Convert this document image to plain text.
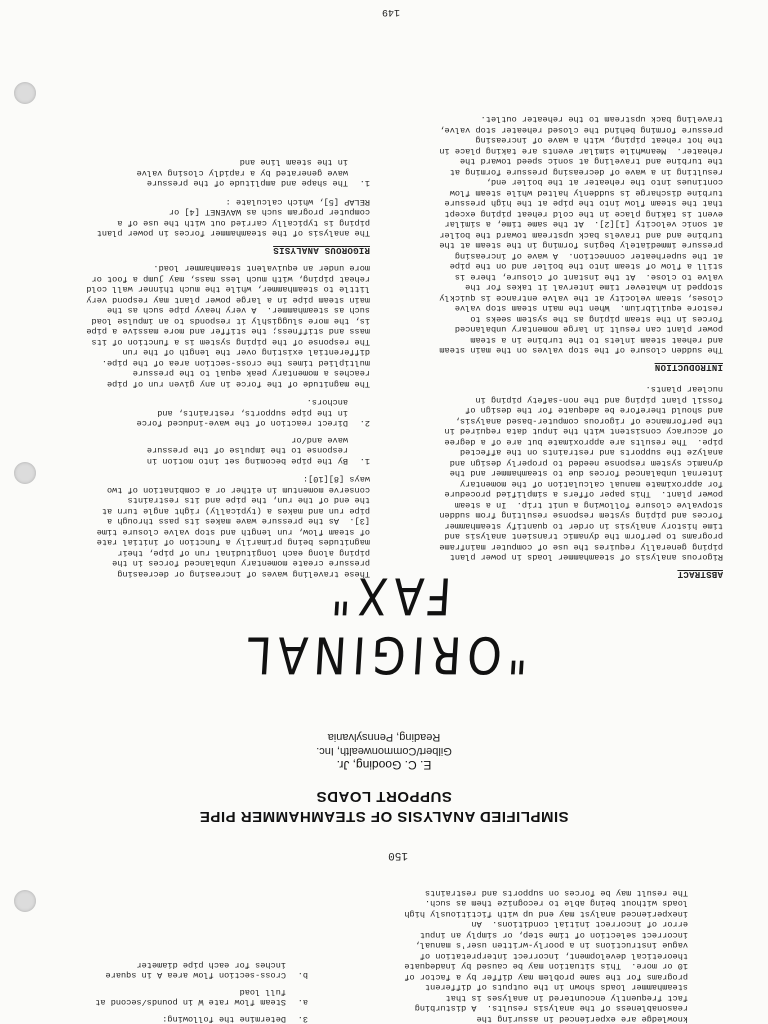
knowledge are experienced in assuring the
reasonableness of the analysis results.  A disturbing
fact frequently encountered in analyses is that
steamhammer loads shown in the outputs of different
programs for the same problem may differ by a factor of
10 or more.  This situation may be caused by inadequate
theoretical development, incorrect interpretation of
vague instructions in a poorly-written user's manual,
incorrect selection of time step, or simply an input
error of incorrect initial conditions.  An
inexperienced analyst may end up with fictitiously high
loads without being able to recognize them as such.
The result may be forces on supports and restraints
3.Determine the following:
a.Steam flow rate W in pounds/second at
full load
b.Cross-section flow area A in square
inches for each pipe diameter
150
SIMPLIFIED ANALYSIS OF STEAMHAMMER PIPE
SUPPORT LOADS
E. C. Gooding, Jr.
Gilbert/Commonwealth, Inc.
Reading, Pennsylvania
"ORIGINAL FAX"	ABSTRACT
Rigorous analysis of steamhammer loads in power plant
piping generally requires the use of computer mainframe
programs to perform the dynamic transient analysis and
time history analysis in order to quantify steamhammer
forces and piping system response resulting from sudden
stopvalve closure following a unit trip.  In a steam
power plant.  This paper offers a simplified procedure
for approximate manual calculation of the momentary
internal unbalanced forces due to steamhammer and the
dynamic system response needed to properly design and
analyze the supports and restraints on the affected
pipe.  The results are approximate but are of a degree
of accuracy consistent with the input data required in
the performance of rigorous computer-based analysis,
and should therefore be adequate for the design of
fossil plant piping and the non-safety piping in
nuclear plants.
INTRODUCTION
The sudden closure of the stop valves on the main steam
and reheat steam inlets to the turbine in a steam
power plant can result in large momentary unbalanced
forces in the steam piping as the system seeks to
restore equilibrium.  When the main steam stop valve
closes, steam velocity at the valve entrance is quickly
stopped in whatever time interval it takes for the
valve to close.  At the instant of closure, there is
still a flow of steam into the boiler and on the pipe
at the superheater connection.  A wave of increasing
pressure immediately begins forming in the steam at the
turbine and and travels back upstream toward the boiler
at sonic velocity [1][2].  At the same time, a similar
event is taking place in the cold reheat piping except
that the steam flow into the pipe at the high pressure
turbine discharge is suddenly halted while steam flow
continues into the reheater at the boiler end,
resulting in a wave of decreasing pressure forming at
the turbine and traveling at sonic speed toward the
reheater.  Meanwhile similar events are taking place in
the hot reheat piping, with a wave of increasing
pressure forming behind the closed reheater stop valve,
traveling back upstream to the reheater outlet.
These traveling waves of increasing or decreasing
pressure create momentary unbalanced forces in the
piping along each longitudinal run of pipe, their
magnitudes being primarily a function of initial rate
of steam flow, run length and stop valve closure time
[3].  As the pressure wave makes its pass through a
pipe run and makes a (typically) right angle turn at
the end of the run, the pipe and its restraints
conserve momentum in either or a combination of two
ways [8][10]:
1.By the pipe becoming set into motion in
response to the impulse of the pressure
wave and/or
2.Direct reaction of the wave-induced force
in the pipe supports, restraints, and
anchors.
The magnitude of the force in any given run of pipe
reaches a momentary peak equal to the pressure
multiplied times the cross-section area of the pipe.
differential existing over the length of the run
The response of the piping system is a function of its
mass and stiffness; the stiffer and more massive a pipe
is, the more sluggishly it responds to an impulse load
such as steamhammer.  A very heavy pipe such as the
main steam pipe in a large power plant may respond very
little to steamhammer, while the much thinner wall cold
reheat piping, with much less mass, may jump a foot or
more under an equivalent steamhammer load.
RIGOROUS ANALYSIS
The analysis of the steamhammer forces in power plant
piping is typically carried out with the use of a
computer program such as WAVENET [4] or
RELAP [5], which calculate :
1.The shape and amplitude of the pressure
wave generated by a rapidly closing valve
in the steam line and
149
